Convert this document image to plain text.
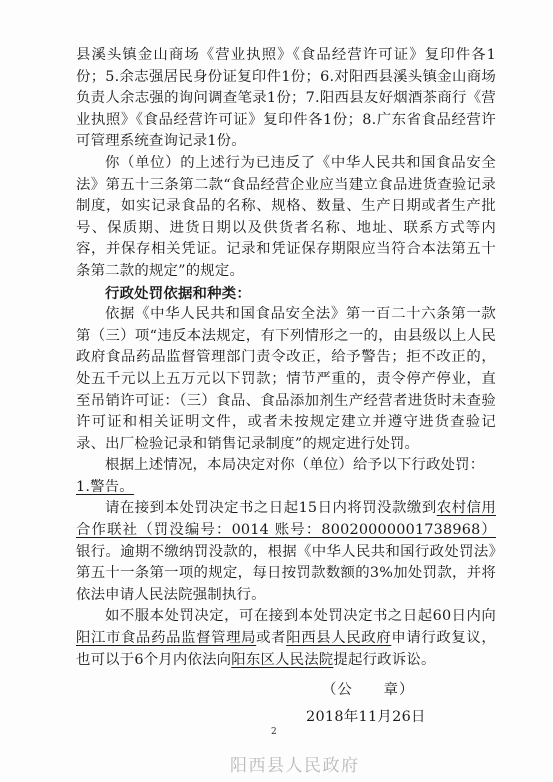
县溪头镇金山商场《营业执照》《食品经营许可证》复印件各1份；5.余志强居民身份证复印件1份；6.对阳西县溪头镇金山商场负责人余志强的询问调查笔录1份；7.阳西县友好烟酒茶商行《营业执照》《食品经营许可证》复印件各1份；8.广东省食品经营许可管理系统查询记录1份。

你（单位）的上述行为已违反了《中华人民共和国食品安全法》第五十三条第二款“食品经营企业应当建立食品进货查验记录制度，如实记录食品的名称、规格、数量、生产日期或者生产批号、保质期、进货日期以及供货者名称、地址、联系方式等内容，并保存相关凭证。记录和凭证保存期限应当符合本法第五十条第二款的规定”的规定。

行政处罚依据和种类：

依据《中华人民共和国食品安全法》第一百二十六条第一款第（三）项“违反本法规定，有下列情形之一的，由县级以上人民政府食品药品监督管理部门责令改正，给予警告；拒不改正的，处五千元以上五万元以下罚款；情节严重的，责令停产停业，直至吊销许可证：（三）食品、食品添加剂生产经营者进货时未查验许可证和相关证明文件，或者未按规定建立并遵守进货查验记录、出厂检验记录和销售记录制度”的规定进行处罚。

根据上述情况，本局决定对你（单位）给予以下行政处罚：

1.警告。

请在接到本处罚决定书之日起15日内将罚没款缴到农村信用合作联社（罚没编号：0014 账号：80020000001738968）银行。逾期不缴纳罚没款的，根据《中华人民共和国行政处罚法》第五十一条第一项的规定，每日按罚款数额的3%加处罚款，并将依法申请人民法院强制执行。

如不服本处罚决定，可在接到本处罚决定书之日起60日内向阳江市食品药品监督管理局或者阳西县人民政府申请行政复议，也可以于6个月内依法向阳东区人民法院提起行政诉讼。

（公　　章）
2018年11月26日
2
阳西县人民政府
